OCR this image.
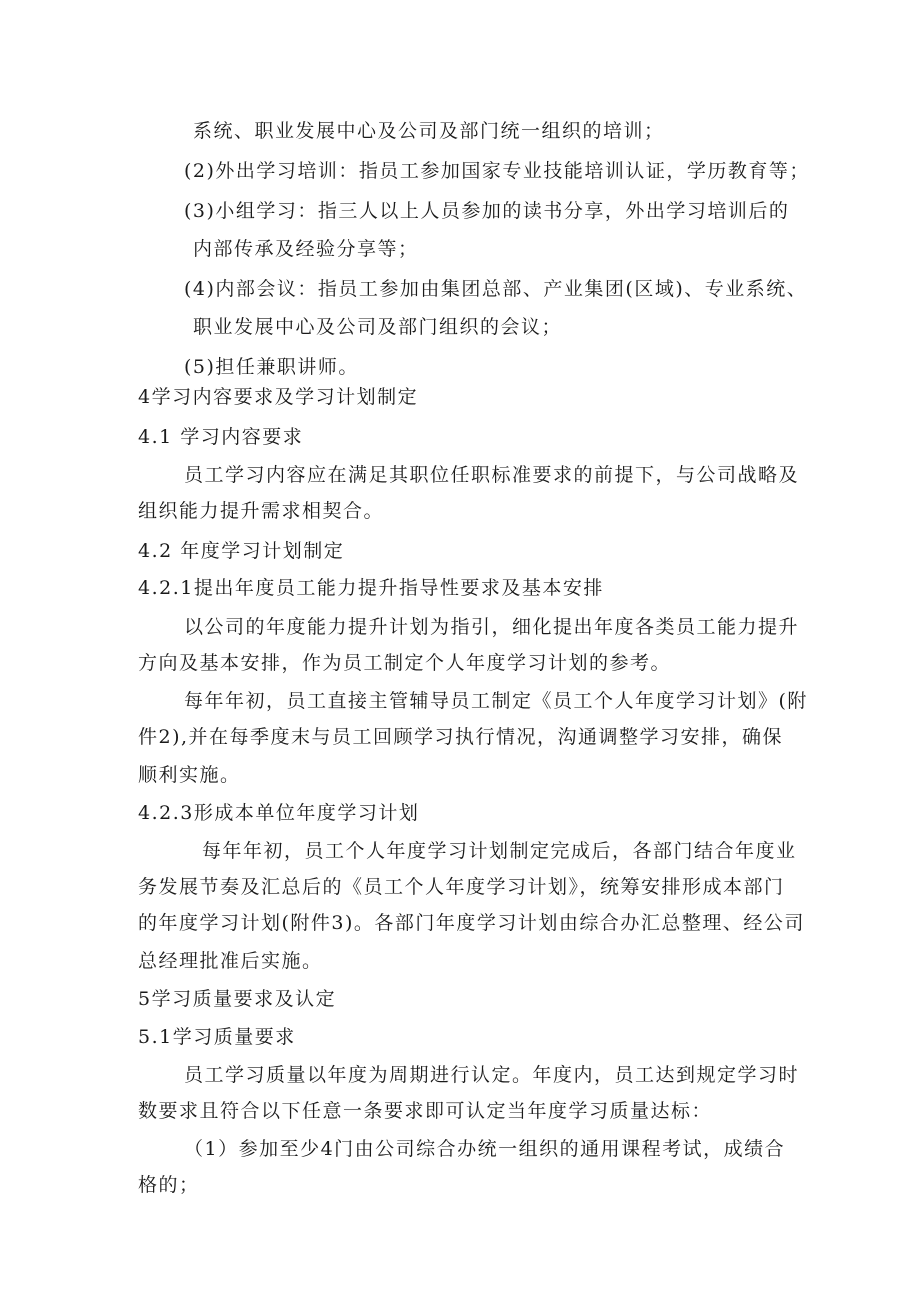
系统、职业发展中心及公司及部门统一组织的培训；
(2)外出学习培训：指员工参加国家专业技能培训认证，学历教育等；
(3)小组学习：指三人以上人员参加的读书分享，外出学习培训后的
内部传承及经验分享等；
(4)内部会议：指员工参加由集团总部、产业集团(区域)、专业系统、
职业发展中心及公司及部门组织的会议；
(5)担任兼职讲师。
4学习内容要求及学习计划制定
4.1 学习内容要求
员工学习内容应在满足其职位任职标准要求的前提下，与公司战略及
组织能力提升需求相契合。
4.2 年度学习计划制定
4.2.1提出年度员工能力提升指导性要求及基本安排
以公司的年度能力提升计划为指引，细化提出年度各类员工能力提升
方向及基本安排，作为员工制定个人年度学习计划的参考。
每年年初，员工直接主管辅导员工制定《员工个人年度学习计划》(附
件2),并在每季度末与员工回顾学习执行情况，沟通调整学习安排，确保
顺利实施。
4.2.3形成本单位年度学习计划
每年年初，员工个人年度学习计划制定完成后，各部门结合年度业
务发展节奏及汇总后的《员工个人年度学习计划》，统筹安排形成本部门
的年度学习计划(附件3)。各部门年度学习计划由综合办汇总整理、经公司
总经理批准后实施。
5学习质量要求及认定
5.1学习质量要求
员工学习质量以年度为周期进行认定。年度内，员工达到规定学习时
数要求且符合以下任意一条要求即可认定当年度学习质量达标：
（1）参加至少4门由公司综合办统一组织的通用课程考试，成绩合
格的；
